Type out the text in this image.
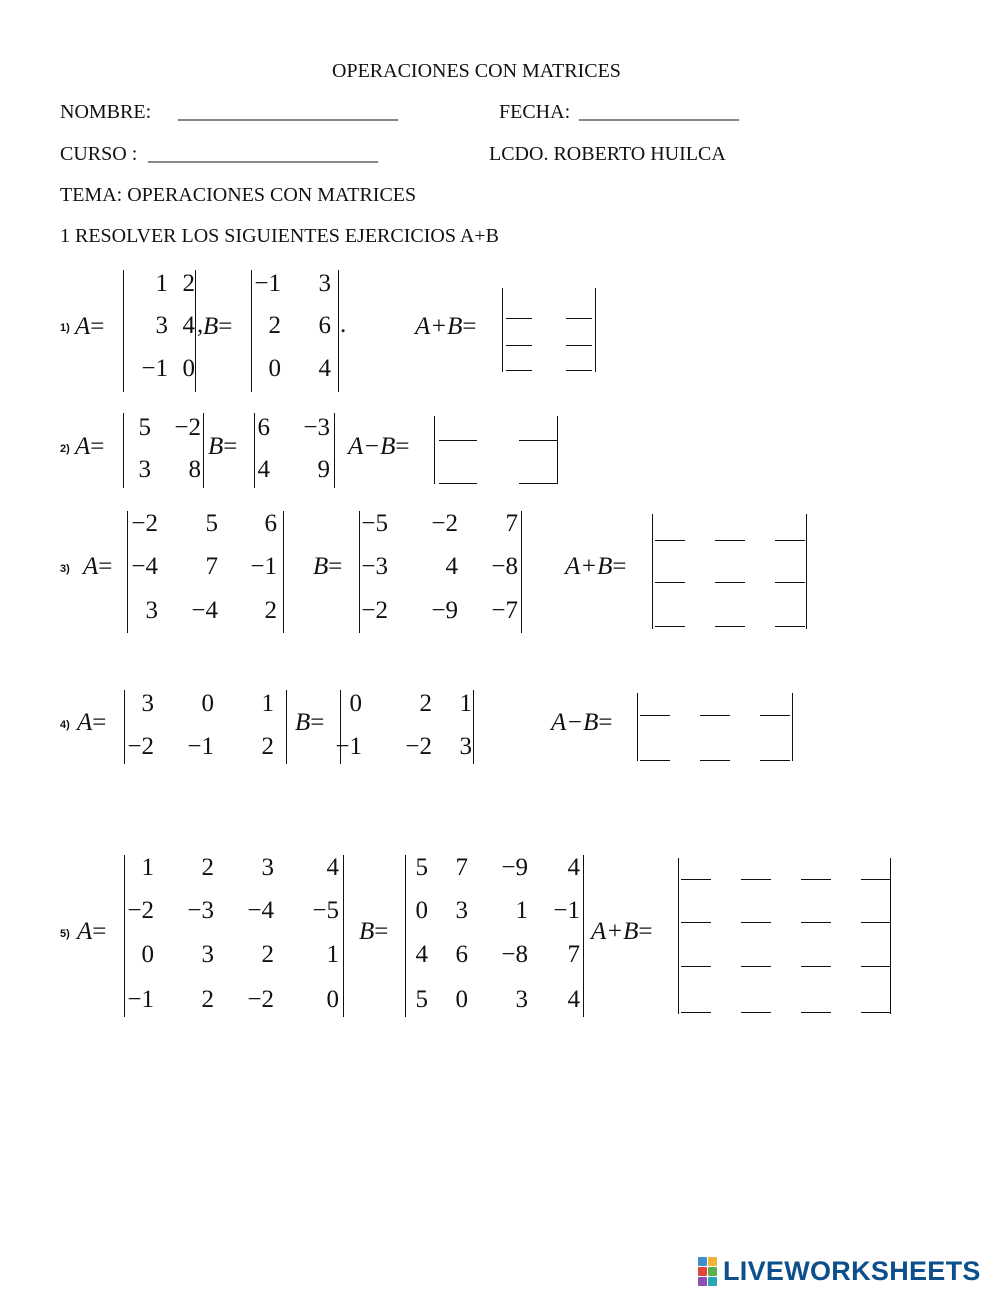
OPERACIONES CON MATRICES
NOMBRE: ______________________	FECHA: ________________
CURSO : _______________________	LCDO. ROBERTO HUILCA
TEMA: OPERACIONES CON MATRICES
1 RESOLVER LOS SIGUIENTES EJERCICIOS A+B
1) A=
1 2
3 4
−1 0
, B=
−1	3
2	6
0	4
.	A+B=
2) A=
5 −2
3	8
B=
6	−3
4	9
A−B=
3) A=
−2	5	6
−4	7	−1
3	−4	2
B=
−5	−2	7
−3	4	−8
−2	−9	−7
A+B=
4) A=
3	0	1
−2	−1	2
B=
0	2	1
−1	−2	3
A−B=
5) A=
1	2	3	4
−2	−3	−4	−5
0	3	2	1
−1	2	−2	0
B=
5	7	−9	4
0	3	1	−1
4	6	−8	7
5	0	3	4
A+B=
LIVEWORKSHEETS
